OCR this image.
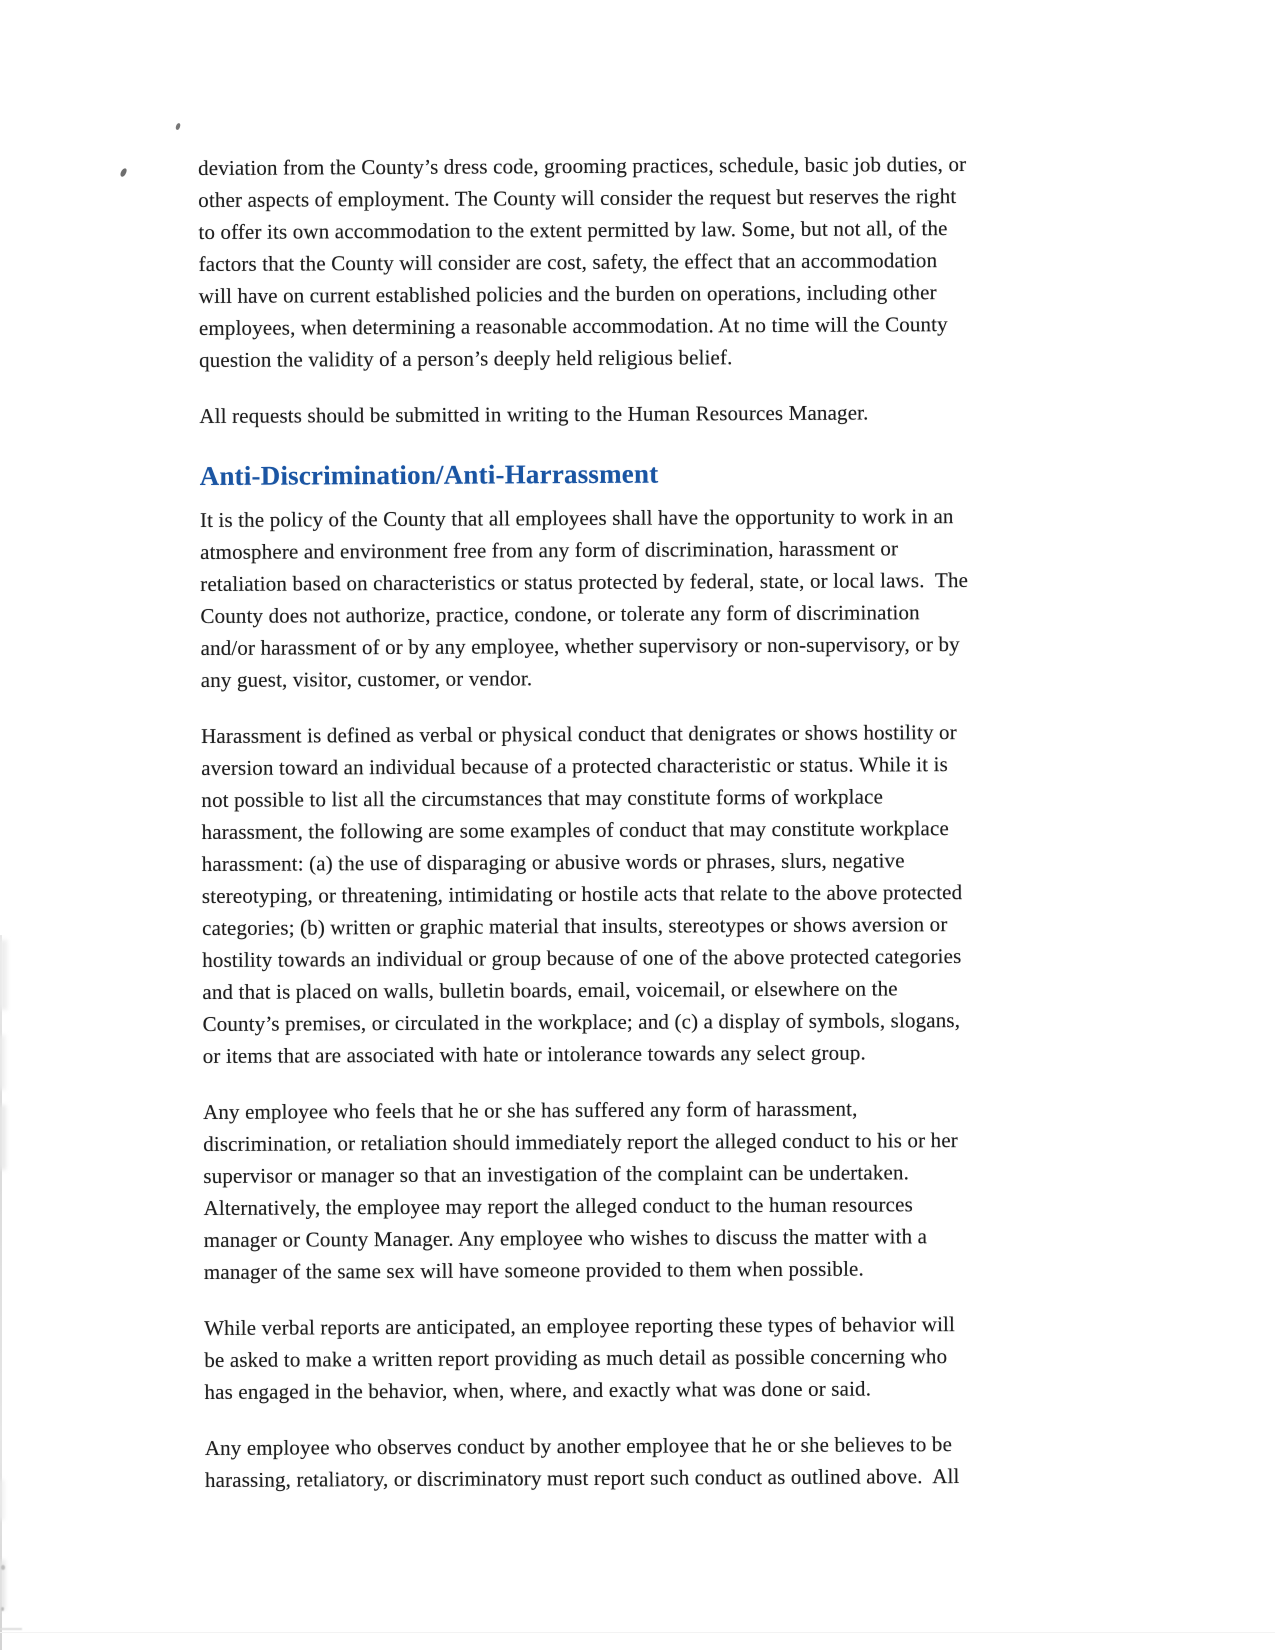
deviation from the County’s dress code, grooming practices, schedule, basic job duties, or
other aspects of employment. The County will consider the request but reserves the right
to offer its own accommodation to the extent permitted by law. Some, but not all, of the
factors that the County will consider are cost, safety, the effect that an accommodation
will have on current established policies and the burden on operations, including other
employees, when determining a reasonable accommodation. At no time will the County
question the validity of a person’s deeply held religious belief.
All requests should be submitted in writing to the Human Resources Manager.
Anti-Discrimination/Anti-Harrassment
It is the policy of the County that all employees shall have the opportunity to work in an
atmosphere and environment free from any form of discrimination, harassment or
retaliation based on characteristics or status protected by federal, state, or local laws.  The
County does not authorize, practice, condone, or tolerate any form of discrimination
and/or harassment of or by any employee, whether supervisory or non-supervisory, or by
any guest, visitor, customer, or vendor.
Harassment is defined as verbal or physical conduct that denigrates or shows hostility or
aversion toward an individual because of a protected characteristic or status. While it is
not possible to list all the circumstances that may constitute forms of workplace
harassment, the following are some examples of conduct that may constitute workplace
harassment: (a) the use of disparaging or abusive words or phrases, slurs, negative
stereotyping, or threatening, intimidating or hostile acts that relate to the above protected
categories; (b) written or graphic material that insults, stereotypes or shows aversion or
hostility towards an individual or group because of one of the above protected categories
and that is placed on walls, bulletin boards, email, voicemail, or elsewhere on the
County’s premises, or circulated in the workplace; and (c) a display of symbols, slogans,
or items that are associated with hate or intolerance towards any select group.
Any employee who feels that he or she has suffered any form of harassment,
discrimination, or retaliation should immediately report the alleged conduct to his or her
supervisor or manager so that an investigation of the complaint can be undertaken.
Alternatively, the employee may report the alleged conduct to the human resources
manager or County Manager. Any employee who wishes to discuss the matter with a
manager of the same sex will have someone provided to them when possible.
While verbal reports are anticipated, an employee reporting these types of behavior will
be asked to make a written report providing as much detail as possible concerning who
has engaged in the behavior, when, where, and exactly what was done or said.
Any employee who observes conduct by another employee that he or she believes to be
harassing, retaliatory, or discriminatory must report such conduct as outlined above.  All
